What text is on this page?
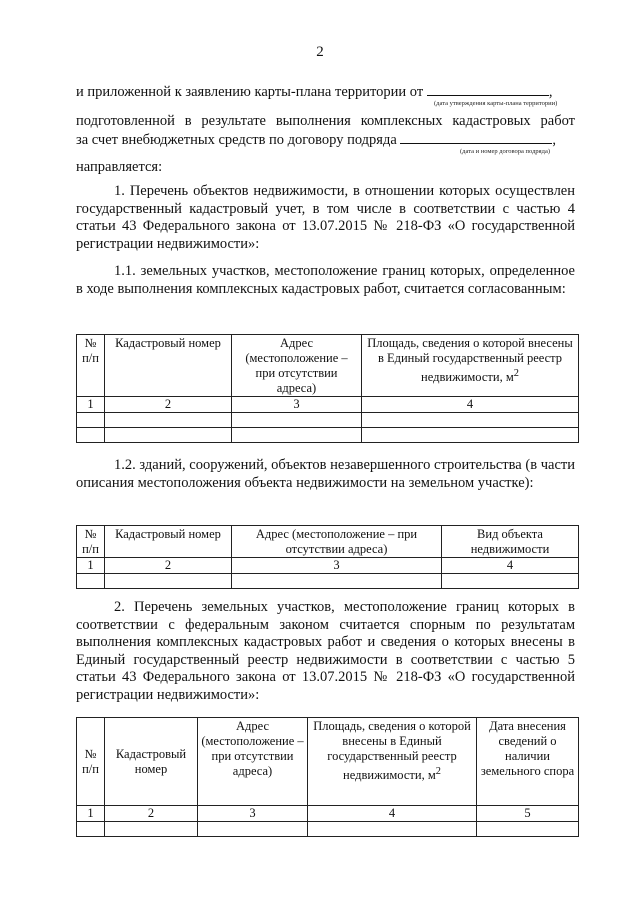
2
и приложенной к заявлению карты-плана территории от	,
(дата утверждения карты-плана территории)
подготовленной в результате выполнения комплексных кадастровых работ
за счет внебюджетных средств по договору подряда	,
(дата и номер договора подряда)
направляется:
1. Перечень объектов недвижимости, в отношении которых осуществлен государственный кадастровый учет, в том числе в соответствии с частью 4 статьи 43 Федерального закона от 13.07.2015 № 218-ФЗ «О государственной регистрации недвижимости»:
1.1. земельных участков, местоположение границ которых, определенное в ходе выполнения комплексных кадастровых работ, считается согласованным:
№ п/п	Кадастровый номер	Адрес (местоположение – при отсутствии адреса)	Площадь, сведения о которой внесены в Единый государственный реестр недвижимости, $м^2$
1	2	3	4

1.2. зданий, сооружений, объектов незавершенного строительства (в части описания местоположения объекта недвижимости на земельном участке):
№ п/п	Кадастровый номер	Адрес (местоположение – при отсутствии адреса)	Вид объекта недвижимости
1	2	3	4

2. Перечень земельных участков, местоположение границ которых в соответствии с федеральным законом считается спорным по результатам выполнения комплексных кадастровых работ и сведения о которых внесены в Единый государственный реестр недвижимости в соответствии с частью 5 статьи 43 Федерального закона от 13.07.2015 № 218-ФЗ «О государственной регистрации недвижимости»:
№ п/п	Кадастровый номер	Адрес (местоположение – при отсутствии адреса)	Площадь, сведения о которой внесены в Единый государственный реестр недвижимости, $м^2$	Дата внесения сведений о наличии земельного спора
1	2	3	4	5
